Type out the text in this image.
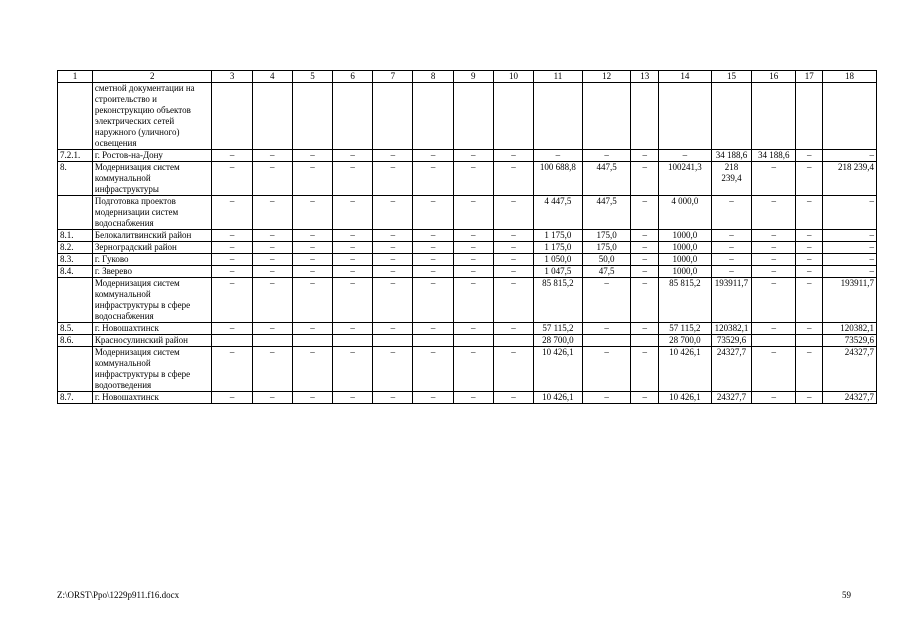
1	2	3	4	5	6	7	8	9	10	11	12	13	14	15	16	17	18
	сметной документации на строительство и реконструкцию объектов электрических сетей наружного (уличного) освещения																
7.2.1.	г. Ростов-на-Дону	–	–	–	–	–	–	–	–	–	–	–	–	34 188,6	34 188,6	–	–
8.	Модернизация систем коммунальной инфраструктуры	–	–	–	–	–	–	–	–	100 688,8	447,5	–	100241,3	218 239,4	–	–	218 239,4
	Подготовка проектов модернизации систем водоснабжения	–	–	–	–	–	–	–	–	4 447,5	447,5	–	4 000,0	–	–	–	–
8.1.	Белокалитвинский район	–	–	–	–	–	–	–	–	1 175,0	175,0	–	1000,0	–	–	–	–
8.2.	Зерноградский район	–	–	–	–	–	–	–	–	1 175,0	175,0	–	1000,0	–	–	–	–
8.3.	г. Гуково	–	–	–	–	–	–	–	–	1 050,0	50,0	–	1000,0	–	–	–	–
8.4.	г. Зверево	–	–	–	–	–	–	–	–	1 047,5	47,5	–	1000,0	–	–	–	–
	Модернизация систем коммунальной инфраструктуры в сфере водоснабжения	–	–	–	–	–	–	–	–	85 815,2	–	–	85 815,2	193911,7	–	–	193911,7
8.5.	г. Новошахтинск	–	–	–	–	–	–	–	–	57 115,2	–	–	57 115,2	120382,1	–	–	120382,1
8.6.	Красносулинский район									28 700,0			28 700,0	73529,6			73529,6
	Модернизация систем коммунальной инфраструктуры в сфере водоотведения	–	–	–	–	–	–	–	–	10 426,1	–	–	10 426,1	24327,7	–	–	24327,7
8.7.	г. Новошахтинск	–	–	–	–	–	–	–	–	10 426,1	–	–	10 426,1	24327,7	–	–	24327,7
Z:\ORST\Ppo\1229p911.f16.docx	59
